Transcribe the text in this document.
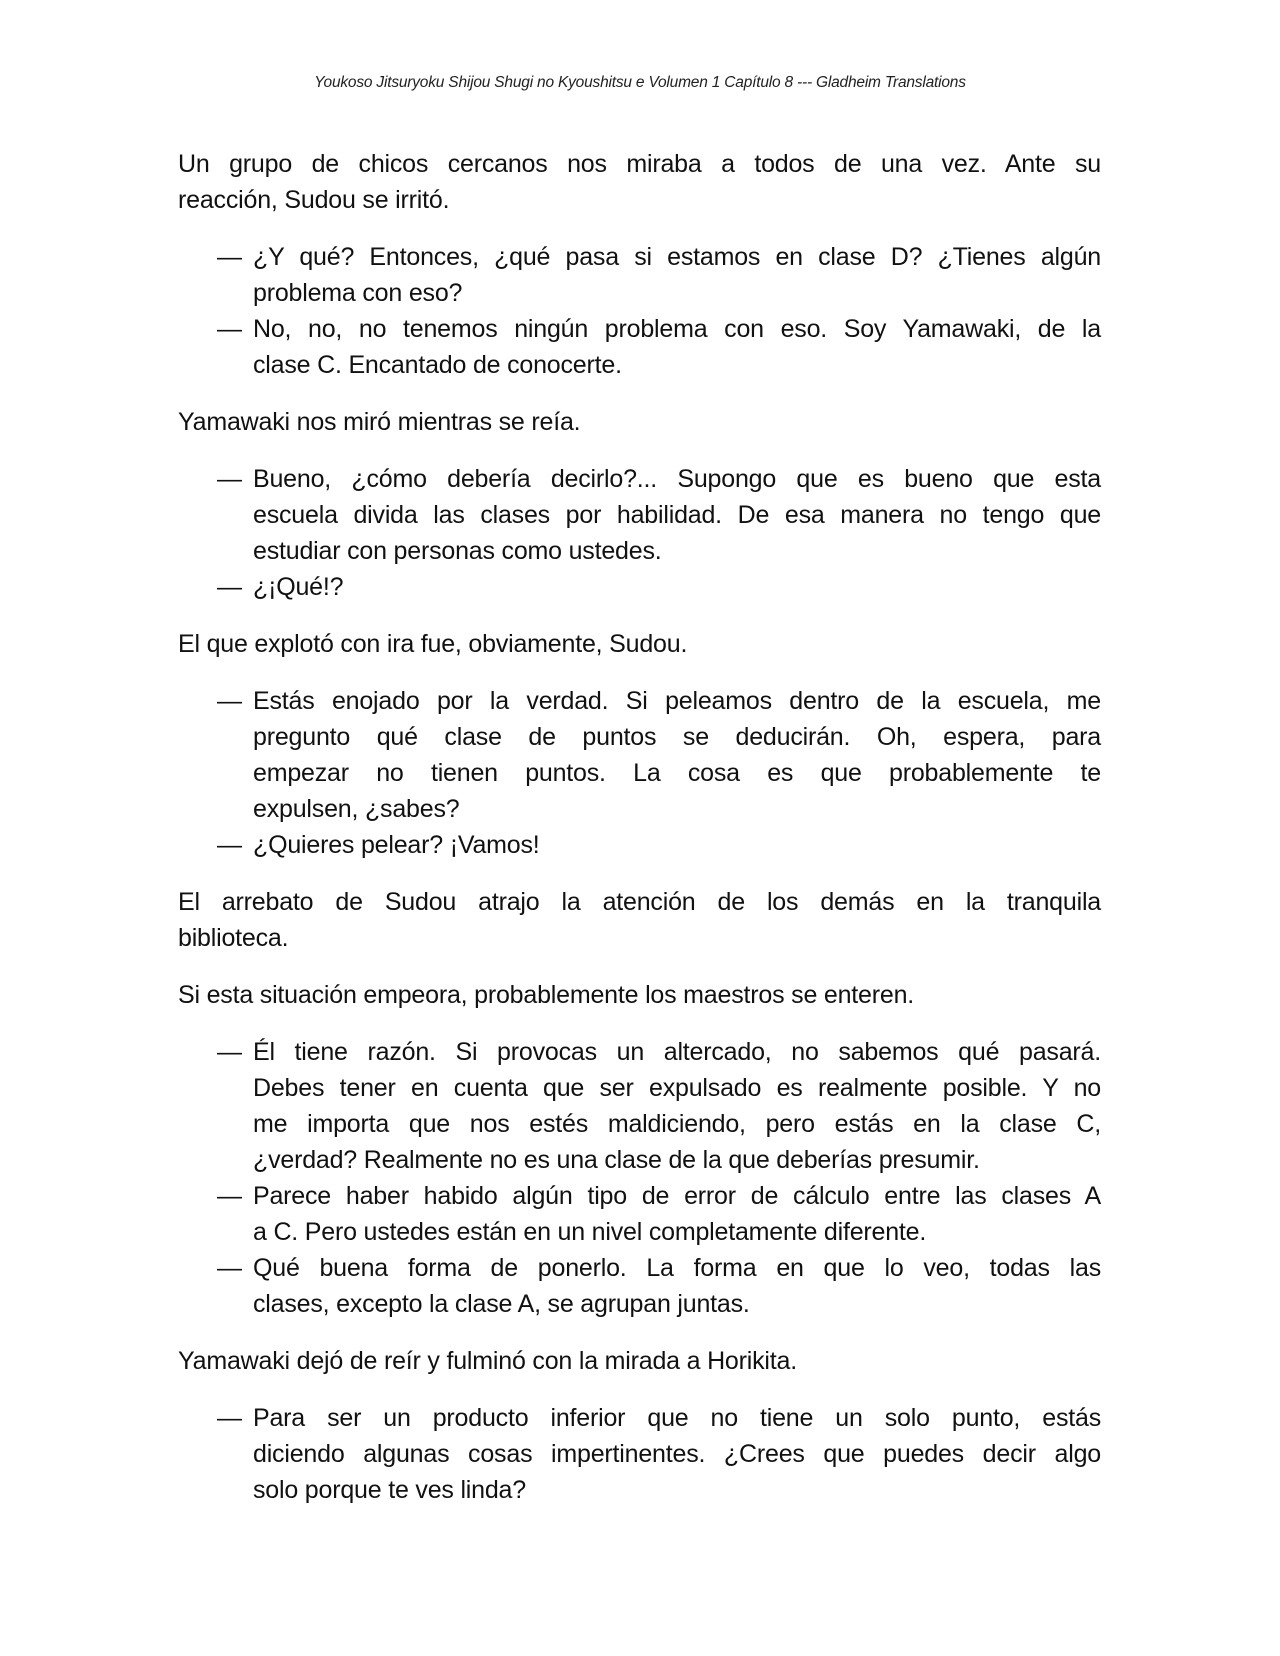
Youkoso Jitsuryoku Shijou Shugi no Kyoushitsu e Volumen 1 Capítulo 8 --- Gladheim Translations
Un grupo de chicos cercanos nos miraba a todos de una vez. Ante su
reacción, Sudou se irritó.
— ¿Y qué? Entonces, ¿qué pasa si estamos en clase D? ¿Tienes algún
problema con eso?
— No, no, no tenemos ningún problema con eso. Soy Yamawaki, de la
clase C. Encantado de conocerte.
Yamawaki nos miró mientras se reía.
— Bueno, ¿cómo debería decirlo?... Supongo que es bueno que esta
escuela divida las clases por habilidad. De esa manera no tengo que
estudiar con personas como ustedes.
— ¿¡Qué!?
El que explotó con ira fue, obviamente, Sudou.
— Estás enojado por la verdad. Si peleamos dentro de la escuela, me
pregunto qué clase de puntos se deducirán. Oh, espera, para
empezar no tienen puntos. La cosa es que probablemente te
expulsen, ¿sabes?
— ¿Quieres pelear? ¡Vamos!
El arrebato de Sudou atrajo la atención de los demás en la tranquila
biblioteca.
Si esta situación empeora, probablemente los maestros se enteren.
— Él tiene razón. Si provocas un altercado, no sabemos qué pasará.
Debes tener en cuenta que ser expulsado es realmente posible. Y no
me importa que nos estés maldiciendo, pero estás en la clase C,
¿verdad? Realmente no es una clase de la que deberías presumir.
— Parece haber habido algún tipo de error de cálculo entre las clases A
a C. Pero ustedes están en un nivel completamente diferente.
— Qué buena forma de ponerlo. La forma en que lo veo, todas las
clases, excepto la clase A, se agrupan juntas.
Yamawaki dejó de reír y fulminó con la mirada a Horikita.
— Para ser un producto inferior que no tiene un solo punto, estás
diciendo algunas cosas impertinentes. ¿Crees que puedes decir algo
solo porque te ves linda?
